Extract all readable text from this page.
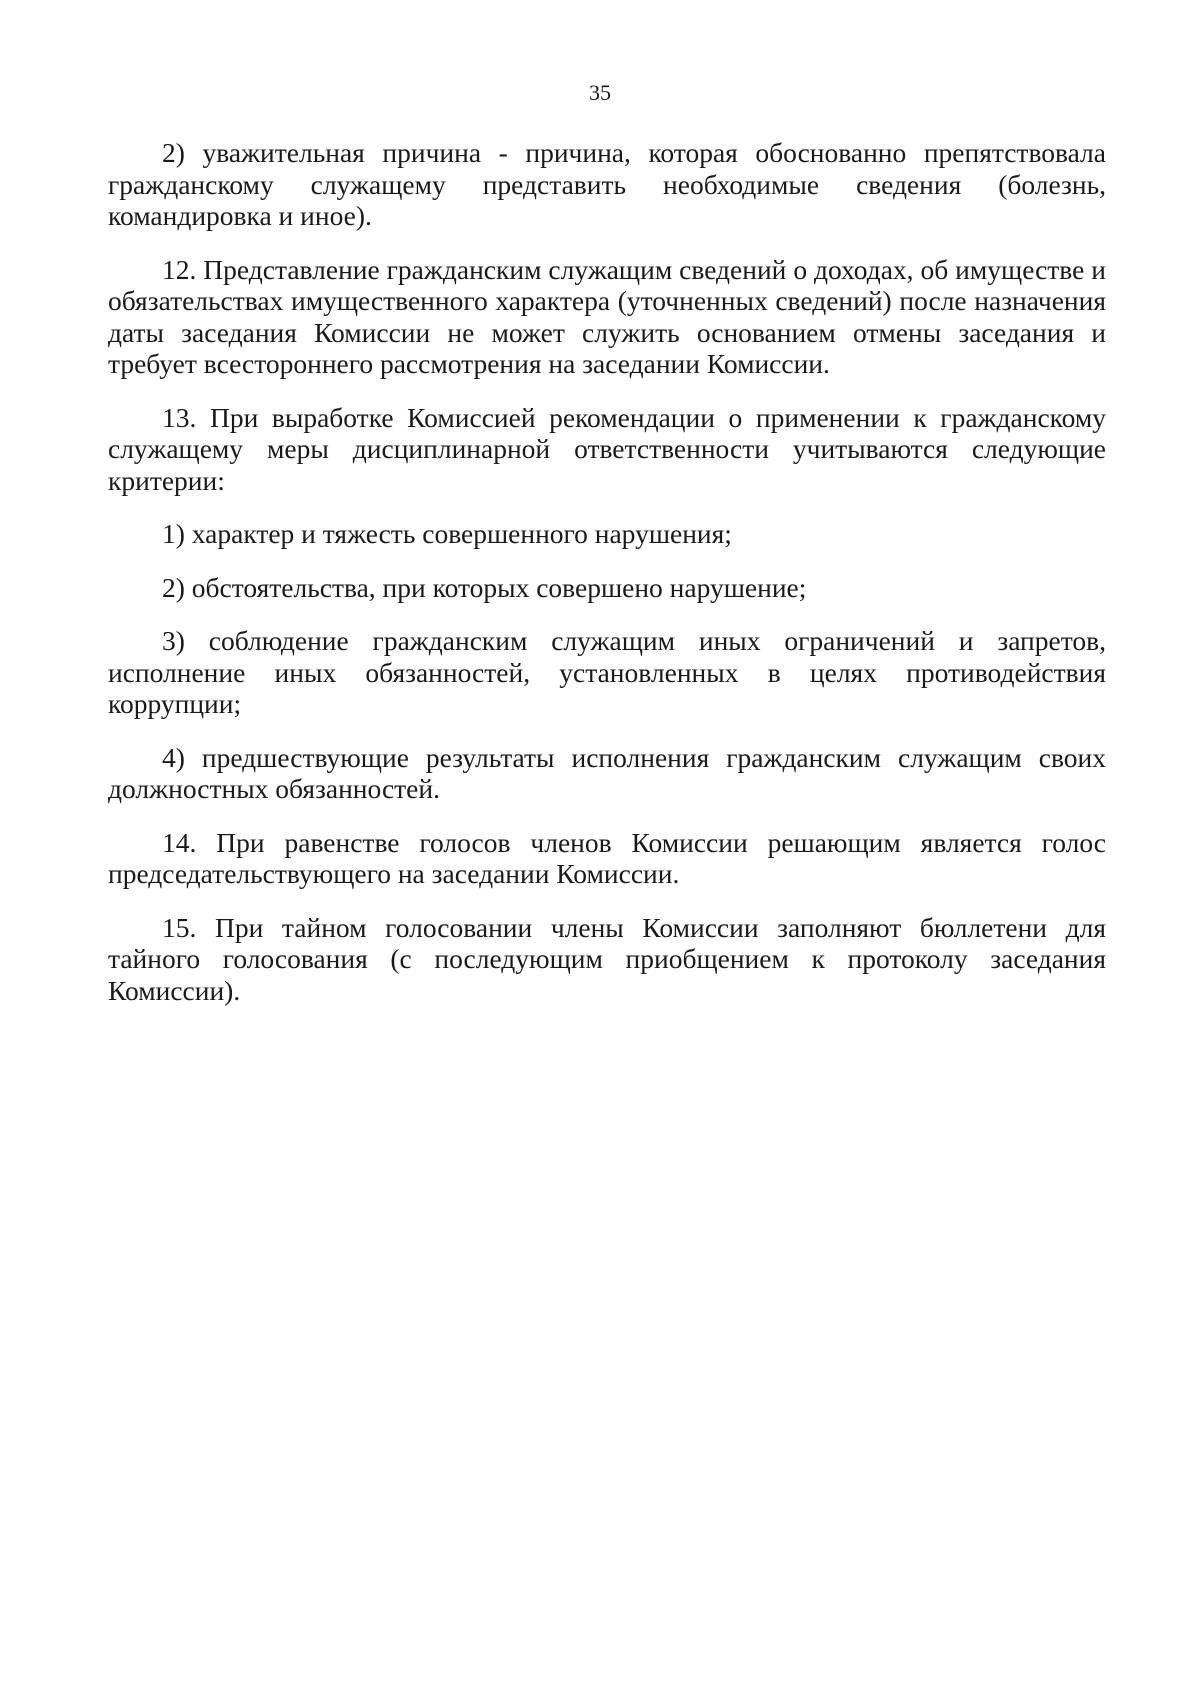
35

2) уважительная причина - причина, которая обоснованно препятствовала гражданскому служащему представить необходимые сведения (болезнь, командировка и иное).

12. Представление гражданским служащим сведений о доходах, об имуществе и обязательствах имущественного характера (уточненных сведений) после назначения даты заседания Комиссии не может служить основанием отмены заседания и требует всестороннего рассмотрения на заседании Комиссии.

13. При выработке Комиссией рекомендации о применении к гражданскому служащему меры дисциплинарной ответственности учитываются следующие критерии:

1) характер и тяжесть совершенного нарушения;

2) обстоятельства, при которых совершено нарушение;

3) соблюдение гражданским служащим иных ограничений и запретов, исполнение иных обязанностей, установленных в целях противодействия коррупции;

4) предшествующие результаты исполнения гражданским служащим своих должностных обязанностей.

14. При равенстве голосов членов Комиссии решающим является голос председательствующего на заседании Комиссии.

15. При тайном голосовании члены Комиссии заполняют бюллетени для тайного голосования (с последующим приобщением к протоколу заседания Комиссии).
